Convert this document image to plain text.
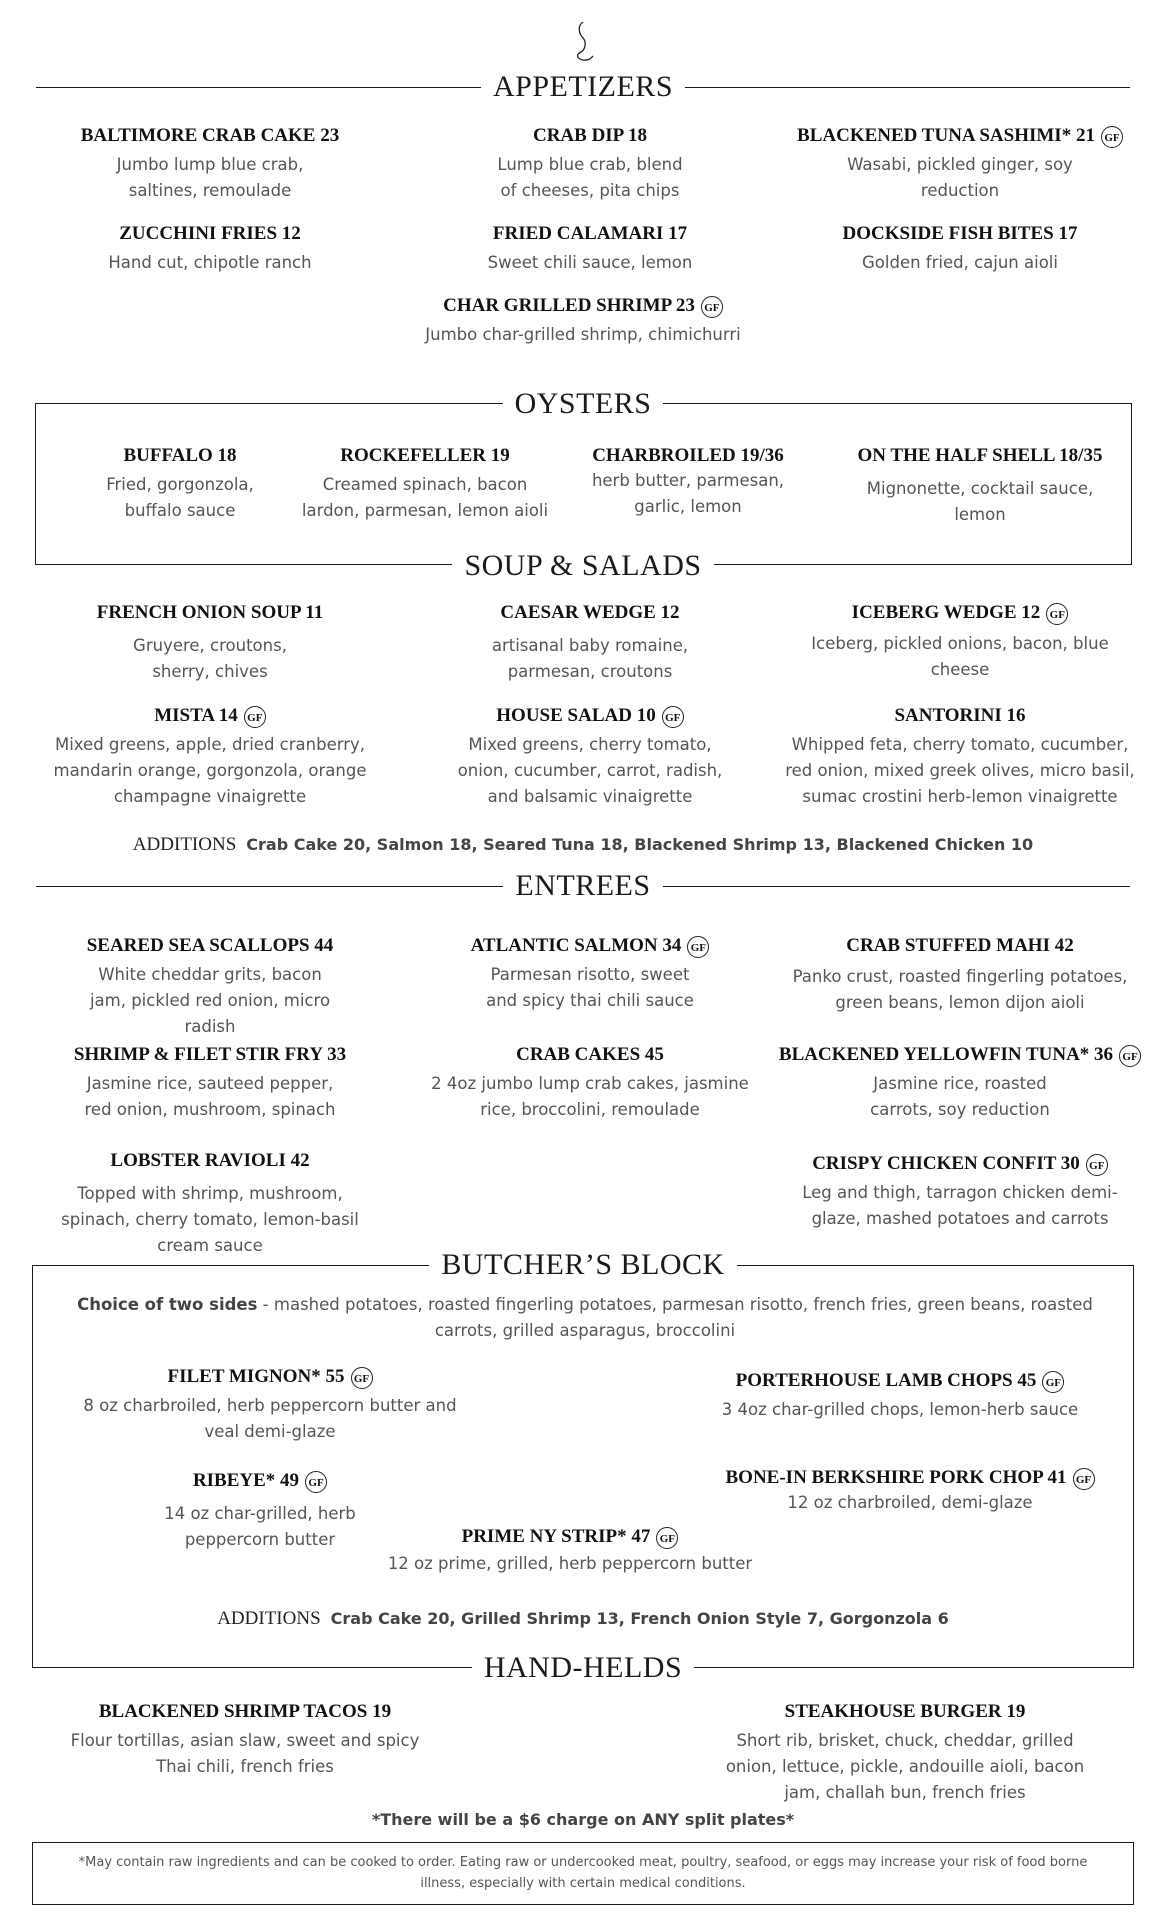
APPETIZERS
BALTIMORE CRAB CAKE 23
Jumbo lump blue crab, saltines, remoulade
CRAB DIP 18
Lump blue crab, blend of cheeses, pita chips
BLACKENED TUNA SASHIMI* 21 GF
Wasabi, pickled ginger, soy reduction
ZUCCHINI FRIES 12
Hand cut, chipotle ranch
FRIED CALAMARI 17
Sweet chili sauce, lemon
DOCKSIDE FISH BITES 17
Golden fried, cajun aioli
CHAR GRILLED SHRIMP 23 GF
Jumbo char-grilled shrimp, chimichurri
OYSTERS
BUFFALO 18
Fried, gorgonzola, buffalo sauce
ROCKEFELLER 19
Creamed spinach, bacon lardon, parmesan, lemon aioli
CHARBROILED 19/36
herb butter, parmesan, garlic, lemon
ON THE HALF SHELL 18/35
Mignonette, cocktail sauce, lemon
SOUP & SALADS
FRENCH ONION SOUP 11
Gruyere, croutons, sherry, chives
CAESAR WEDGE 12
artisanal baby romaine, parmesan, croutons
ICEBERG WEDGE 12 GF
Iceberg, pickled onions, bacon, blue cheese
MISTA 14 GF
Mixed greens, apple, dried cranberry, mandarin orange, gorgonzola, orange champagne vinaigrette
HOUSE SALAD 10 GF
Mixed greens, cherry tomato, onion, cucumber, carrot, radish, and balsamic vinaigrette
SANTORINI 16
Whipped feta, cherry tomato, cucumber, red onion, mixed greek olives, micro basil, sumac crostini herb-lemon vinaigrette
ADDITIONS Crab Cake 20, Salmon 18, Seared Tuna 18, Blackened Shrimp 13, Blackened Chicken 10
ENTREES
SEARED SEA SCALLOPS 44
White cheddar grits, bacon jam, pickled red onion, micro radish
ATLANTIC SALMON 34 GF
Parmesan risotto, sweet and spicy thai chili sauce
CRAB STUFFED MAHI 42
Panko crust, roasted fingerling potatoes, green beans, lemon dijon aioli
SHRIMP & FILET STIR FRY 33
Jasmine rice, sauteed pepper, red onion, mushroom, spinach
CRAB CAKES 45
2 4oz jumbo lump crab cakes, jasmine rice, broccolini, remoulade
BLACKENED YELLOWFIN TUNA* 36 GF
Jasmine rice, roasted carrots, soy reduction
LOBSTER RAVIOLI 42
Topped with shrimp, mushroom, spinach, cherry tomato, lemon-basil cream sauce
CRISPY CHICKEN CONFIT 30 GF
Leg and thigh, tarragon chicken demi-glaze, mashed potatoes and carrots
BUTCHER’S BLOCK
Choice of two sides - mashed potatoes, roasted fingerling potatoes, parmesan risotto, french fries, green beans, roasted carrots, grilled asparagus, broccolini
FILET MIGNON* 55 GF
8 oz charbroiled, herb peppercorn butter and veal demi-glaze
PORTERHOUSE LAMB CHOPS 45 GF
3 4oz char-grilled chops, lemon-herb sauce
RIBEYE* 49 GF
14 oz char-grilled, herb peppercorn butter
BONE-IN BERKSHIRE PORK CHOP 41 GF
12 oz charbroiled, demi-glaze
PRIME NY STRIP* 47 GF
12 oz prime, grilled, herb peppercorn butter
ADDITIONS Crab Cake 20, Grilled Shrimp 13, French Onion Style 7, Gorgonzola 6
HAND-HELDS
BLACKENED SHRIMP TACOS 19
Flour tortillas, asian slaw, sweet and spicy Thai chili, french fries
STEAKHOUSE BURGER 19
Short rib, brisket, chuck, cheddar, grilled onion, lettuce, pickle, andouille aioli, bacon jam, challah bun, french fries
*There will be a $6 charge on ANY split plates*
*May contain raw ingredients and can be cooked to order. Eating raw or undercooked meat, poultry, seafood, or eggs may increase your risk of food borne illness, especially with certain medical conditions.
